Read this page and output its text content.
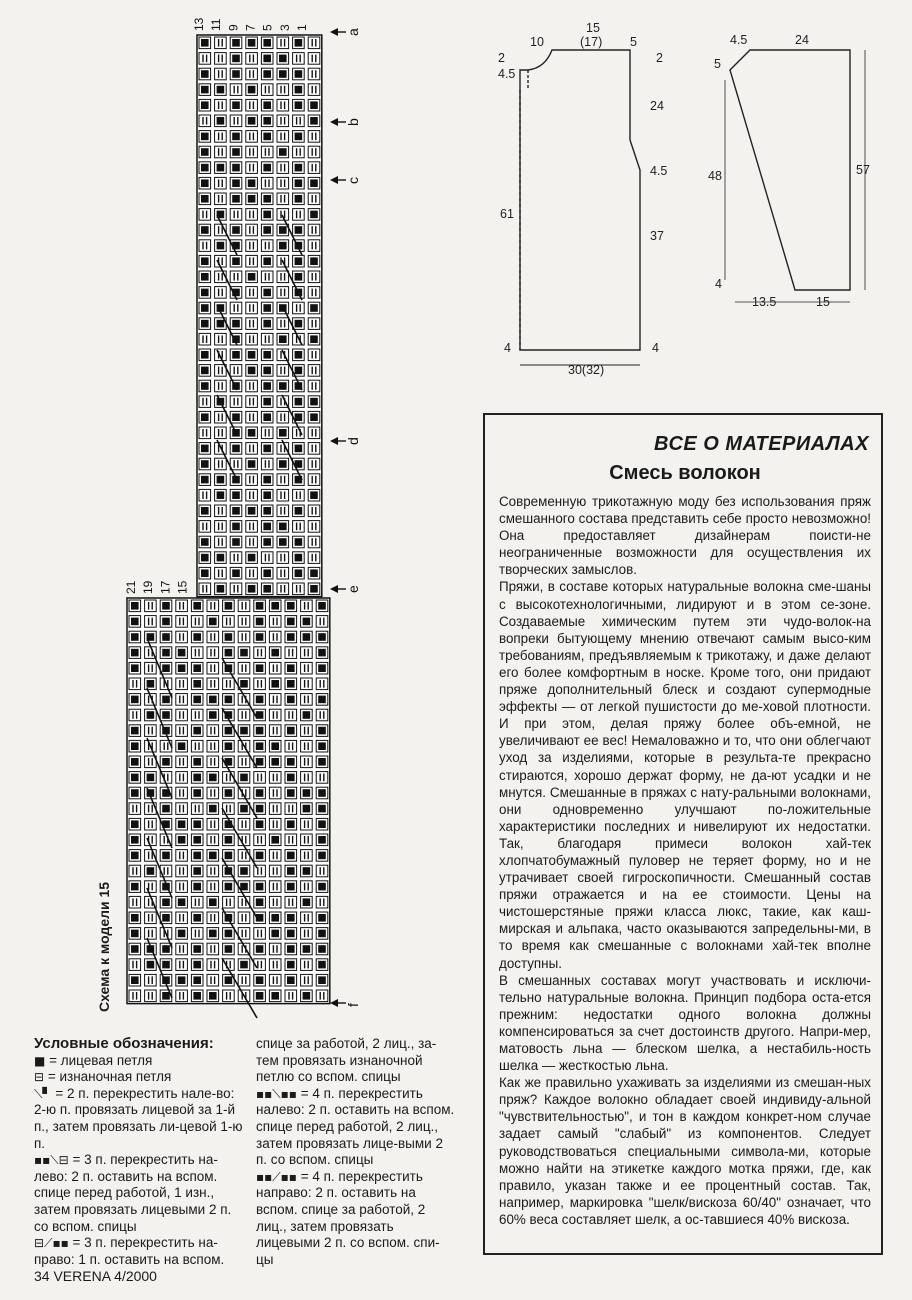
13 11 9 7 5 3 1
21 19 17 15
a
b
c
d
e
f
Схема к модели 15
Условные обозначения:
■ = лицевая петля
⊟ = изнаночная петля
⟍▘ = 2 п. перекрестить нале-во: 2-ю п. провязать лицевой за 1-й п., затем провязать ли-цевой 1-ю п.
▪▪⟍⊟ = 3 п. перекрестить на-лево: 2 п. оставить на вспом. спице перед работой, 1 изн., затем провязать лицевыми 2 п. со вспом. спицы
⊟⟋▪▪ = 3 п. перекрестить на-право: 1 п. оставить на вспом.
спице за работой, 2 лиц., за-тем провязать изнаночной петлю со вспом. спицы
▪▪⟍▪▪ = 4 п. перекрестить налево: 2 п. оставить на вспом. спице перед работой, 2 лиц., затем провязать лице-выми 2 п. со вспом. спицы
▪▪⟋▪▪ = 4 п. перекрестить направо: 2 п. оставить на вспом. спице за работой, 2 лиц., затем провязать лицевыми 2 п. со вспом. спи-цы
15
(17)
10	5
2	2
4.5
24
4.5
61
37
4	4
30(32)
4.5	24
5
48	57
4
13.5	15
ВСЕ О МАТЕРИАЛАХ
Смесь волокон

Современную трикотажную моду без использования пряж смешанного состава представить себе просто невозможно! Она предоставляет дизайнерам поисти-не неограниченные возможности для осуществления их творческих замыслов.

Пряжи, в составе которых натуральные волокна сме-шаны с высокотехнологичными, лидируют и в этом се-зоне. Создаваемые химическим путем эти чудо-волок-на вопреки бытующему мнению отвечают самым высо-ким требованиям, предъявляемым к трикотажу, и даже делают его более комфортным в носке. Кроме того, они придают пряже дополнительный блеск и создают супермодные эффекты — от легкой пушистости до ме-ховой плотности. И при этом, делая пряжу более объ-емной, не увеличивают ее вес! Немаловажно и то, что они облегчают уход за изделиями, которые в результа-те прекрасно стираются, хорошо держат форму, не да-ют усадки и не мнутся. Смешанные в пряжах с нату-ральными волокнами, они одновременно улучшают по-ложительные характеристики последних и нивелируют их недостатки. Так, благодаря примеси волокон хай-тек хлопчатобумажный пуловер не теряет форму, но и не утрачивает своей гигроскопичности. Смешанный состав пряжи отражается и на ее стоимости. Цены на чистошерстяные пряжи класса люкс, такие, как каш-мирская и альпака, часто оказываются запредельны-ми, в то время как смешанные с волокнами хай-тек вполне доступны.

В смешанных составах могут участвовать и исключи-тельно натуральные волокна. Принцип подбора оста-ется прежним: недостатки одного волокна должны компенсироваться за счет достоинств другого. Напри-мер, матовость льна — блеском шелка, а нестабиль-ность шелка — жесткостью льна.

Как же правильно ухаживать за изделиями из смешан-ных пряж? Каждое волокно обладает своей индивиду-альной "чувствительностью", и тон в каждом конкрет-ном случае задает самый "слабый" из компонентов. Следует руководствоваться специальными символа-ми, которые можно найти на этикетке каждого мотка пряжи, где, как правило, указан также и ее процентный состав. Так, например, маркировка "шелк/вискоза 60/40" означает, что 60% веса составляет шелк, а ос-тавшиеся 40% вискоза.

34 VERENA 4/2000
